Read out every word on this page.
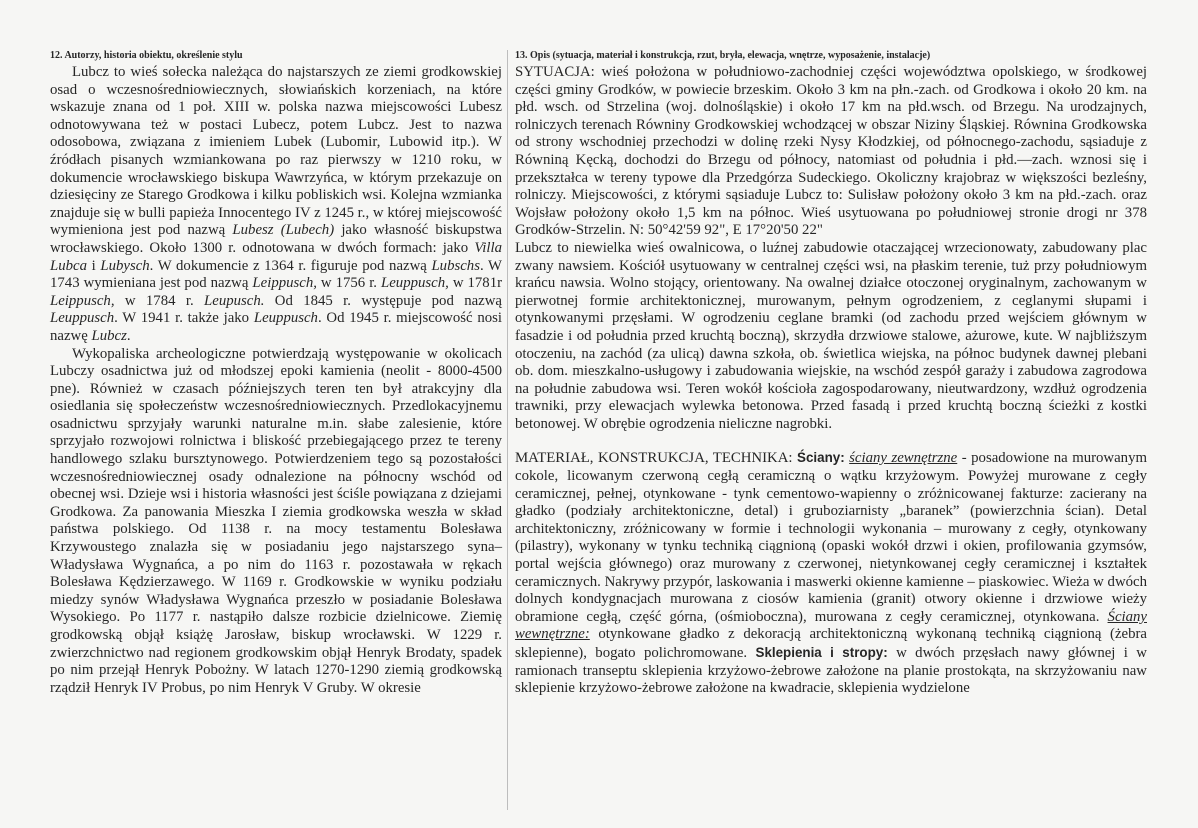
12. Autorzy, historia obiektu, określenie stylu

Lubcz to wieś sołecka należąca do najstarszych ze ziemi grodkowskiej osad o wczesnośredniowiecznych, słowiańskich korzeniach, na które wskazuje znana od 1 poł. XIII w. polska nazwa miejscowości Lubesz odnotowywana też w postaci Lubecz, potem Lubcz. Jest to nazwa odosobowa, związana z imieniem Lubek (Lubomir, Lubowid itp.). W źródłach pisanych wzmiankowana po raz pierwszy w 1210 roku, w dokumencie wrocławskiego biskupa Wawrzyńca, w którym przekazuje on dziesięciny ze Starego Grodkowa i kilku pobliskich wsi. Kolejna wzmianka znajduje się w bulli papieża Innocentego IV z 1245 r., w której miejscowość wymieniona jest pod nazwą Lubesz (Lubech) jako własność biskupstwa wrocławskiego. Około 1300 r. odnotowana w dwóch formach: jako Villa Lubca i Lubysch. W dokumencie z 1364 r. figuruje pod nazwą Lubschs. W 1743 wymieniana jest pod nazwą Leippusch, w 1756 r. Leuppusch, w 1781r Leippusch, w 1784 r. Leupusch. Od 1845 r. występuje pod nazwą Leuppusch. W 1941 r. także jako Leuppusch. Od 1945 r. miejscowość nosi nazwę Lubcz.

Wykopaliska archeologiczne potwierdzają występowanie w okolicach Lubczy osadnictwa już od młodszej epoki kamienia (neolit - 8000-4500 pne). Również w czasach późniejszych teren ten był atrakcyjny dla osiedlania się społeczeństw wczesnośredniowiecznych. Przedlokacyjnemu osadnictwu sprzyjały warunki naturalne m.in. słabe zalesienie, które sprzyjało rozwojowi rolnictwa i bliskość przebiegającego przez te tereny handlowego szlaku bursztynowego. Potwierdzeniem tego są pozostałości wczesnośredniowiecznej osady odnalezione na północny wschód od obecnej wsi. Dzieje wsi i historia własności jest ściśle powiązana z dziejami Grodkowa. Za panowania Mieszka I ziemia grodkowska weszła w skład państwa polskiego. Od 1138 r. na mocy testamentu Bolesława Krzywoustego znalazła się w posiadaniu jego najstarszego syna– Władysława Wygnańca, a po nim do 1163 r. pozostawała w rękach Bolesława Kędzierzawego. W 1169 r. Grodkowskie w wyniku podziału miedzy synów Władysława Wygnańca przeszło w posiadanie Bolesława Wysokiego. Po 1177 r. nastąpiło dalsze rozbicie dzielnicowe. Ziemię grodkowską objął książę Jarosław, biskup wrocławski. W 1229 r. zwierzchnictwo nad regionem grodkowskim objął Henryk Brodaty, spadek po nim przejął Henryk Pobożny. W latach 1270-1290 ziemią grodkowską rządził Henryk IV Probus, po nim Henryk V Gruby. W okresie

13. Opis (sytuacja, materiał i konstrukcja, rzut, bryła, elewacja, wnętrze, wyposażenie, instalacje)

SYTUACJA: wieś położona w południowo-zachodniej części województwa opolskiego, w środkowej części gminy Grodków, w powiecie brzeskim. Około 3 km na płn.-zach. od Grodkowa i około 20 km. na płd. wsch. od Strzelina (woj. dolnośląskie) i około 17 km na płd.wsch. od Brzegu. Na urodzajnych, rolniczych terenach Równiny Grodkowskiej wchodzącej w obszar Niziny Śląskiej. Równina Grodkowska od strony wschodniej przechodzi w dolinę rzeki Nysy Kłodzkiej, od północnego-zachodu, sąsiaduje z Równiną Kęcką, dochodzi do Brzegu od północy, natomiast od południa i płd.—zach. wznosi się i przekształca w tereny typowe dla Przedgórza Sudeckiego. Okoliczny krajobraz w większości bezleśny, rolniczy. Miejscowości, z którymi sąsiaduje Lubcz to: Sulisław położony około 3 km na płd.-zach. oraz Wojsław położony około 1,5 km na północ. Wieś usytuowana po południowej stronie drogi nr 378 Grodków-Strzelin. N: 50°42'59 92", E 17°20'50 22"

Lubcz to niewielka wieś owalnicowa, o luźnej zabudowie otaczającej wrzecionowaty, zabudowany plac zwany nawsiem. Kościół usytuowany w centralnej części wsi, na płaskim terenie, tuż przy południowym krańcu nawsia. Wolno stojący, orientowany. Na owalnej działce otoczonej oryginalnym, zachowanym w pierwotnej formie architektonicznej, murowanym, pełnym ogrodzeniem, z ceglanymi słupami i otynkowanymi przęsłami. W ogrodzeniu ceglane bramki (od zachodu przed wejściem głównym w fasadzie i od południa przed kruchtą boczną), skrzydła drzwiowe stalowe, ażurowe, kute. W najbliższym otoczeniu, na zachód (za ulicą) dawna szkoła, ob. świetlica wiejska, na północ budynek dawnej plebani ob. dom. mieszkalno-usługowy i zabudowania wiejskie, na wschód zespół garaży i zabudowa zagrodowa na południe zabudowa wsi. Teren wokół kościoła zagospodarowany, nieutwardzony, wzdłuż ogrodzenia trawniki, przy elewacjach wylewka betonowa. Przed fasadą i przed kruchtą boczną ścieżki z kostki betonowej. W obrębie ogrodzenia nieliczne nagrobki.

MATERIAŁ, KONSTRUKCJA, TECHNIKA: Ściany: ściany zewnętrzne - posadowione na murowanym cokole, licowanym czerwoną cegłą ceramiczną o wątku krzyżowym. Powyżej murowane z cegły ceramicznej, pełnej, otynkowane - tynk cementowo-wapienny o zróżnicowanej fakturze: zacierany na gładko (podziały architektoniczne, detal) i gruboziarnisty „baranek” (powierzchnia ścian). Detal architektoniczny, zróżnicowany w formie i technologii wykonania – murowany z cegły, otynkowany (pilastry), wykonany w tynku techniką ciągnioną (opaski wokół drzwi i okien, profilowania gzymsów, portal wejścia głównego) oraz murowany z czerwonej, nietynkowanej cegły ceramicznej i kształtek ceramicznych. Nakrywy przypór, laskowania i maswerki okienne kamienne – piaskowiec. Wieża w dwóch dolnych kondygnacjach murowana z ciosów kamienia (granit) otwory okienne i drzwiowe wieży obramione cegłą, część górna, (ośmioboczna), murowana z cegły ceramicznej, otynkowana. Ściany wewnętrzne: otynkowane gładko z dekoracją architektoniczną wykonaną techniką ciągnioną (żebra sklepienne), bogato polichromowane. Sklepienia i stropy: w dwóch przęsłach nawy głównej i w ramionach transeptu sklepienia krzyżowo-żebrowe założone na planie prostokąta, na skrzyżowaniu naw sklepienie krzyżowo-żebrowe założone na kwadracie, sklepienia wydzielone
